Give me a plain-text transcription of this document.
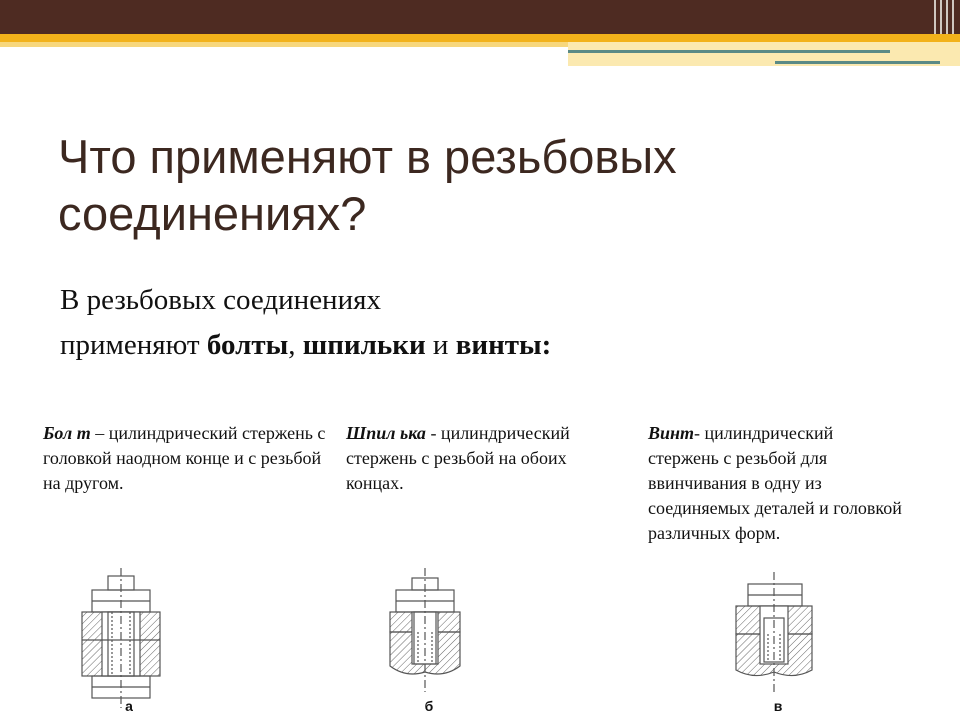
Что применяют в резьбовых соединениях?

В резьбовых соединениях
применяют болты, шпильки и винты:

Бол т – цилиндрический стержень с головкой наодном конце и с резьбой на другом.

Шпил ька - цилиндрический стержень с резьбой на обоих концах.

Винт- цилиндрический стержень с резьбой для ввинчивания в одну из соединяемых деталей и головкой различных форм.

а	б	в
